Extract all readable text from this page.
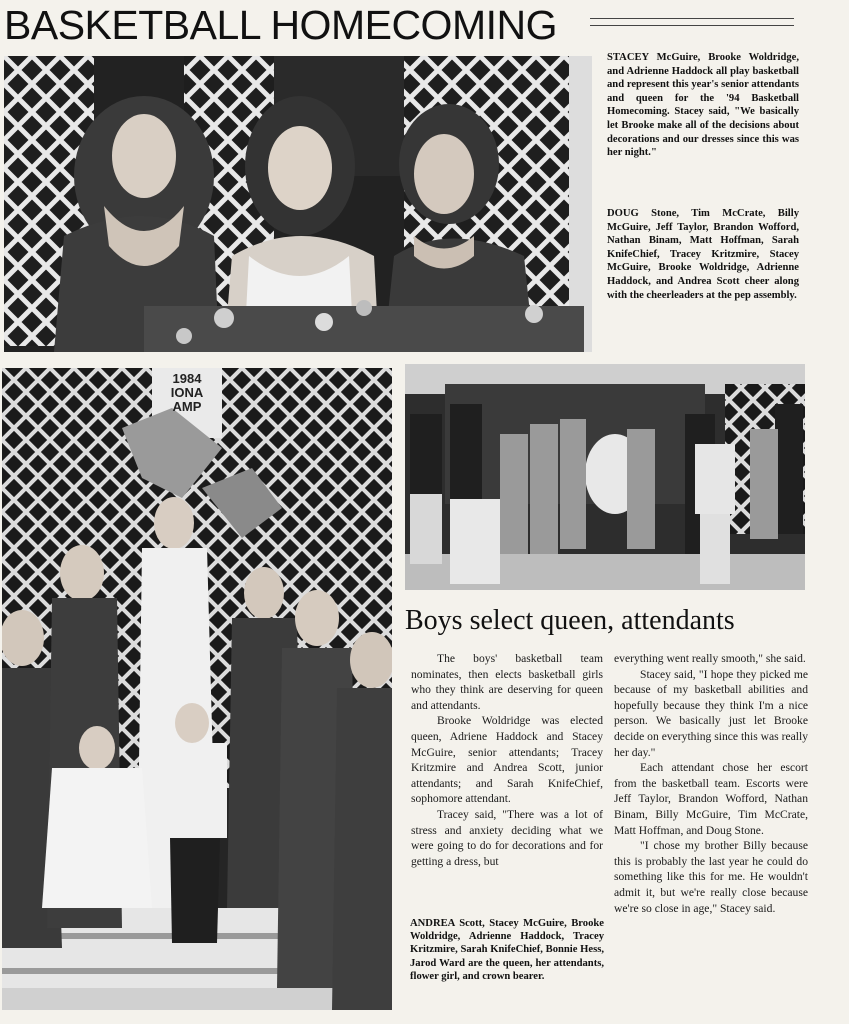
BASKETBALL HOMECOMING
STACEY McGuire, Brooke Woldridge, and Adrienne Haddock all play basketball and represent this year's senior attendants and queen for the '94 Basketball Homecoming. Stacey said, "We basically let Brooke make all of the decisions about decorations and our dresses since this was her night."
DOUG Stone, Tim McCrate, Billy McGuire, Jeff Taylor, Brandon Wofford, Nathan Binam, Matt Hoffman, Sarah KnifeChief, Tracey Kritzmire, Stacey McGuire, Brooke Woldridge, Adrienne Haddock, and Andrea Scott cheer along with the cheerleaders at the pep assembly.
1984
IONA
AMP
Boys select queen, attendants

The boys' basketball team nominates, then elects basketball girls who they think are deserving for queen and attendants.

Brooke Woldridge was elected queen, Adriene Haddock and Stacey McGuire, senior attendants; Tracey Kritzmire and Andrea Scott, junior attendants; and Sarah KnifeChief, sophomore attendant.

Tracey said, "There was a lot of stress and anxiety deciding what we were going to do for decorations and for getting a dress, but

everything went really smooth," she said.

Stacey said, "I hope they picked me because of my basketball abilities and hopefully because they think I'm a nice person. We basically just let Brooke decide on everything since this was really her day."

Each attendant chose her escort from the basketball team. Escorts were Jeff Taylor, Brandon Wofford, Nathan Binam, Billy McGuire, Tim McCrate, Matt Hoffman, and Doug Stone.

"I chose my brother Billy because this is probably the last year he could do something like this for me. He wouldn't admit it, but we're really close because we're so close in age," Stacey said.

ANDREA Scott, Stacey McGuire, Brooke Woldridge, Adrienne Haddock, Tracey Kritzmire, Sarah KnifeChief, Bonnie Hess, Jarod Ward are the queen, her attendants, flower girl, and crown bearer.
